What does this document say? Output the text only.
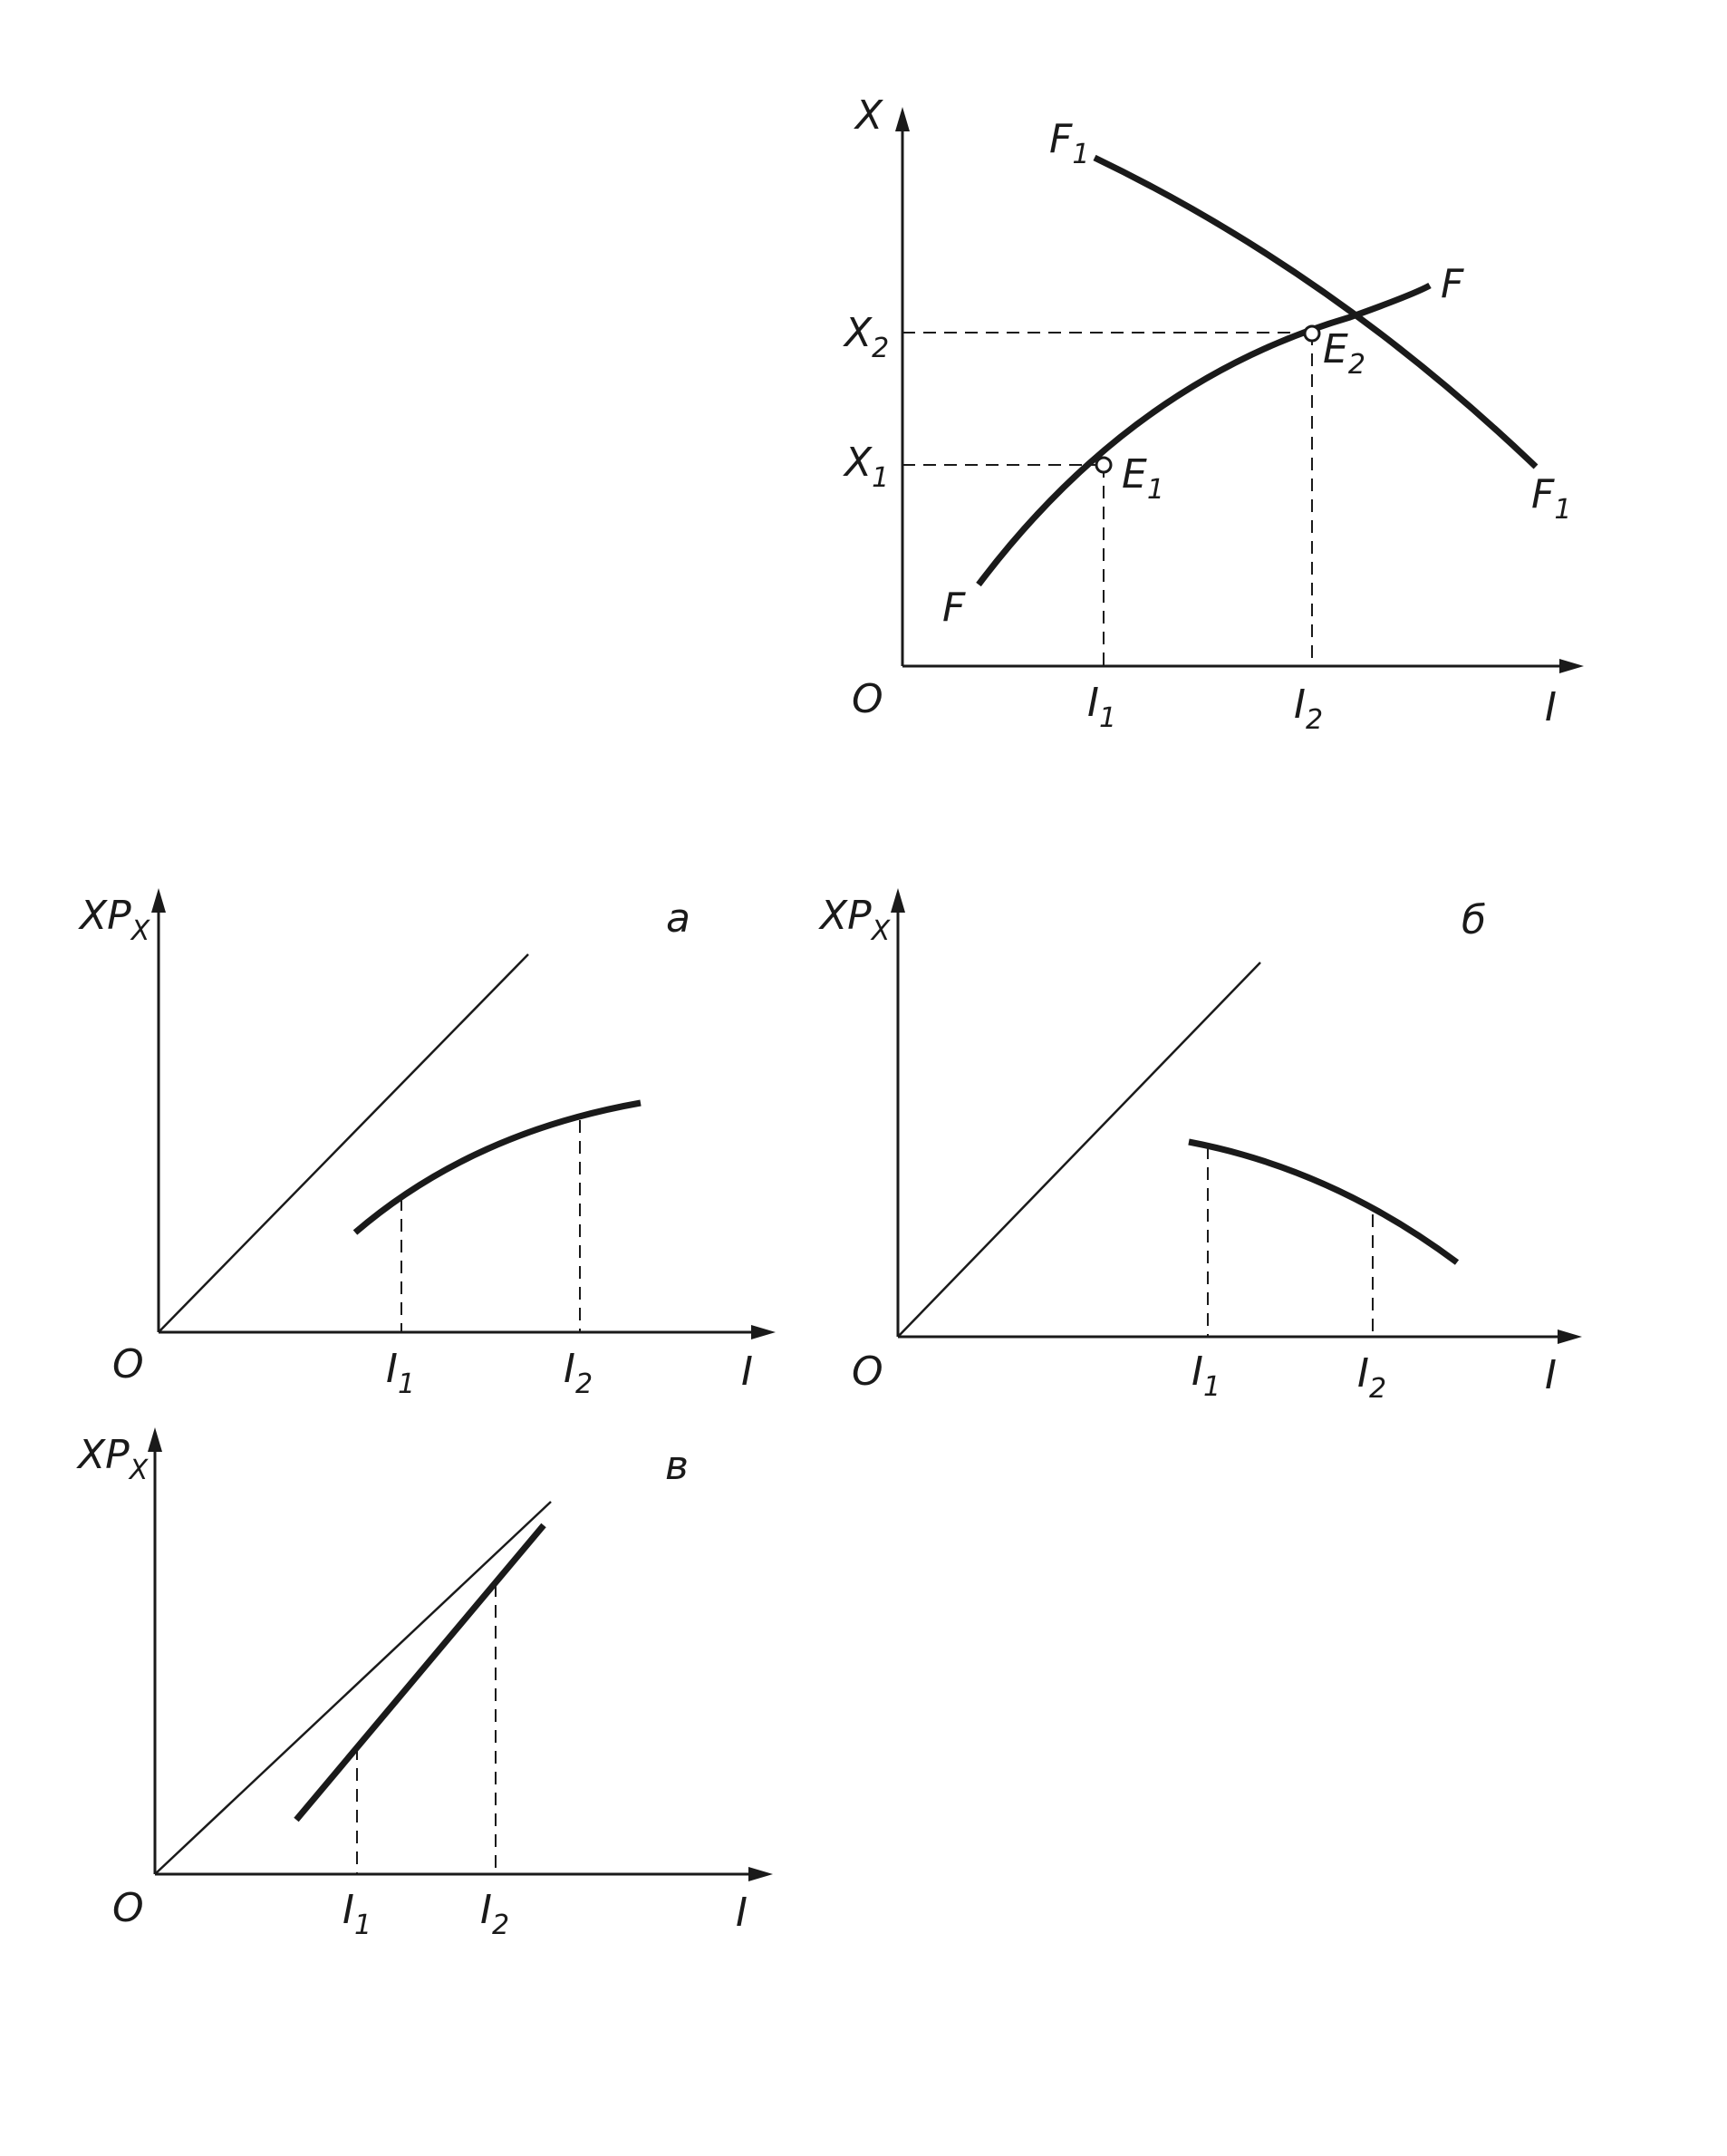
X
I
O
$X_2$
$X_1$
$I_1$	$I_2$
$E_1$
$E_2$
F
F
$F_1$
$F_1$
$XP_X$	a
O	I
$I_1$	$I_2$
$XP_X$	б
O	I
$I_1$	$I_2$
$XP_X$	в
O	I
$I_1$	$I_2$
